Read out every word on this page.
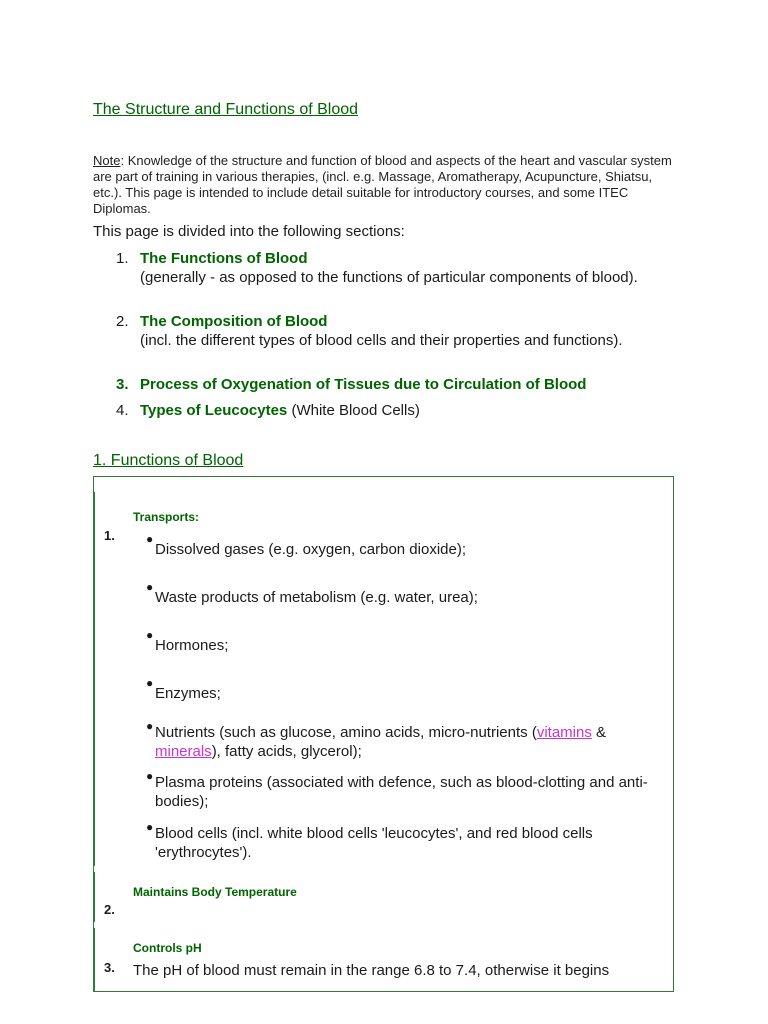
The Structure and Functions of Blood
Note: Knowledge of the structure and function of blood and aspects of the heart and vascular system are part of training in various therapies, (incl. e.g. Massage, Aromatherapy, Acupuncture, Shiatsu, etc.). This page is intended to include detail suitable for introductory courses, and some ITEC Diplomas.
This page is divided into the following sections:
1. The Functions of Blood
(generally - as opposed to the functions of particular components of blood).
2. The Composition of Blood
(incl. the different types of blood cells and their properties and functions).
3. Process of Oxygenation of Tissues due to Circulation of Blood
4. Types of Leucocytes (White Blood Cells)
1. Functions of Blood
1.
Transports:
●
Dissolved gases (e.g. oxygen, carbon dioxide);
●
Waste products of metabolism (e.g. water, urea);
●
Hormones;
●
Enzymes;
● Nutrients (such as glucose, amino acids, micro-nutrients (vitamins & minerals), fatty acids, glycerol);
● Plasma proteins (associated with defence, such as blood-clotting and anti-bodies);
● Blood cells (incl. white blood cells 'leucocytes', and red blood cells 'erythrocytes').
Maintains Body Temperature
2.
Controls pH
3. The pH of blood must remain in the range 6.8 to 7.4, otherwise it begins
